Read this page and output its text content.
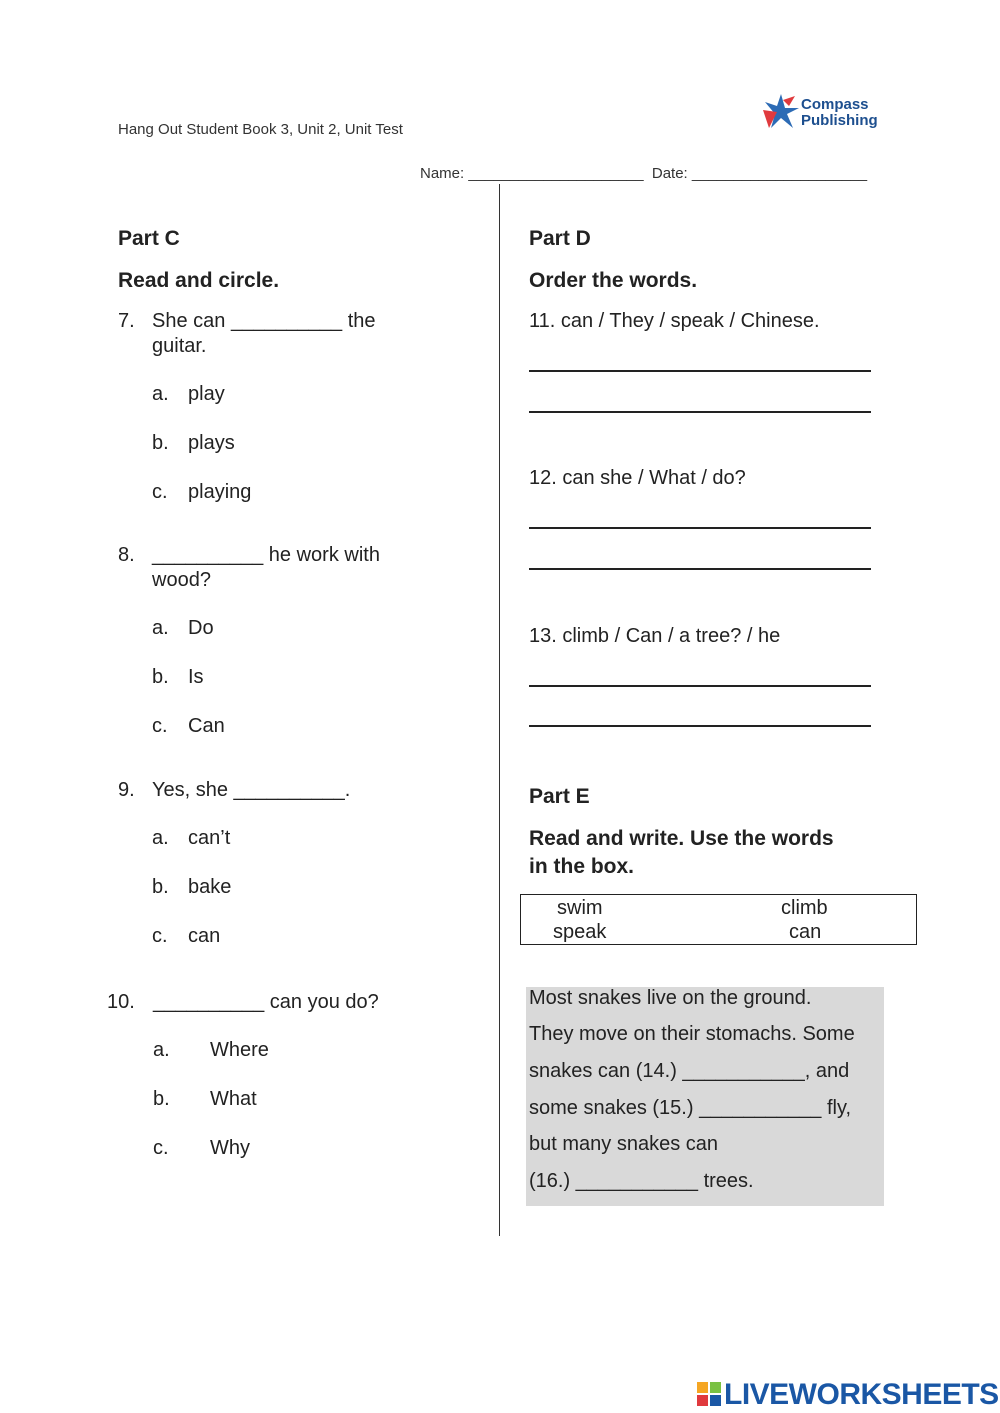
Hang Out Student Book 3, Unit 2, Unit Test
Compass
Publishing
Name: _____________________  Date: _____________________
Part C
Read and circle.
7. She can __________ the
guitar.
a. play
b. plays
c. playing
8. __________ he work with
wood?
a. Do
b. Is
c. Can
9. Yes, she __________.
a. can’t
b. bake
c. can
10. __________ can you do?
a. Where
b. What
c. Why
Part D
Order the words.
11. can / They / speak / Chinese.
12. can she / What / do?
13. climb / Can / a tree? / he
Part E
Read and write. Use the words
in the box.
swim	climb
speak	can
Most snakes live on the ground.
They move on their stomachs. Some
snakes can (14.) ___________, and
some snakes (15.) ___________ fly,
but many snakes can
(16.) ___________ trees.
LIVEWORKSHEETS
